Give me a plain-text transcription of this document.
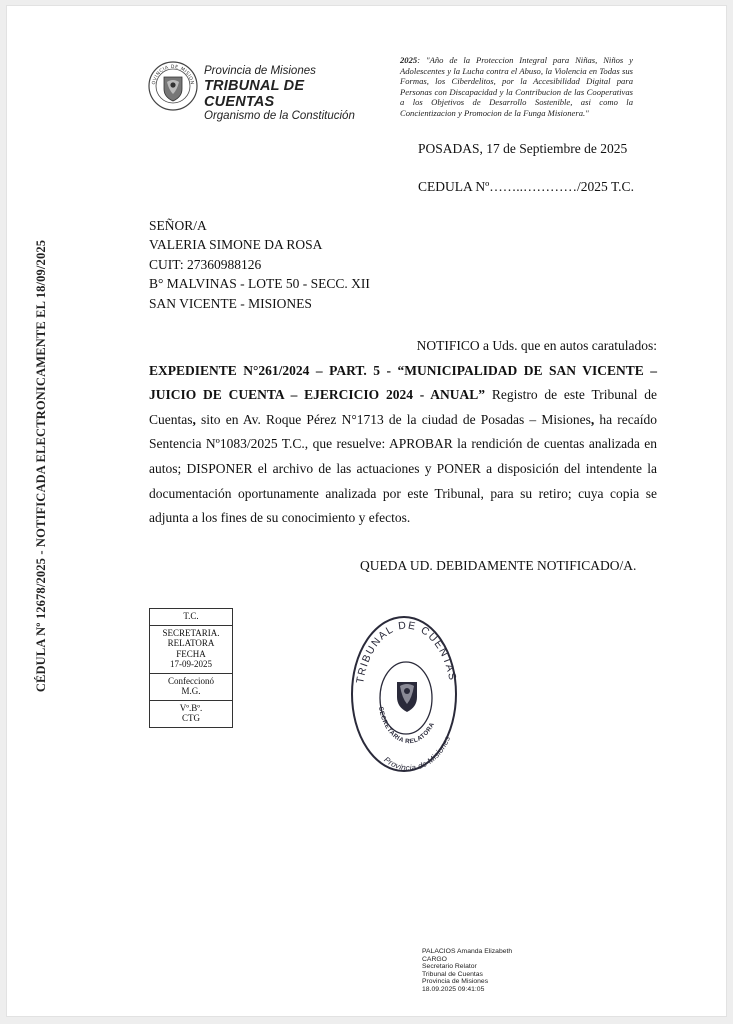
CÉDULA Nº 12678/2025 - NOTIFICADA ELECTRONICAMENTE EL 18/09/2025
OVINCIA DE MISION
Provincia de Misiones
TRIBUNAL DE CUENTAS
Organismo de la Constitución
2025: "Año de la Proteccion Integral para Niñas, Niños y Adolescentes y la Lucha contra el Abuso, la Violencia en Todas sus Formas, los Ciberdelitos, por la Accesibilidad Digital para Personas con Discapacidad y la Contribucion de las Cooperativas a los Objetivos de Desarrollo Sostenible, asi como la Concientizacion y Promocion de la Funga Misionera."
POSADAS, 17 de Septiembre de 2025
CEDULA Nº……..…………/2025 T.C.
SEÑOR/A
VALERIA SIMONE DA ROSA
CUIT: 27360988126
B° MALVINAS - LOTE 50 - SECC. XII
SAN VICENTE - MISIONES
NOTIFICO a Uds. que en autos caratulados:
EXPEDIENTE N°261/2024 – PART. 5 - “MUNICIPALIDAD DE SAN VICENTE – JUICIO DE CUENTA – EJERCICIO 2024 - ANUAL” Registro de este Tribunal de Cuentas, sito en Av. Roque Pérez N°1713 de la ciudad de Posadas – Misiones, ha recaído Sentencia Nº1083/2025 T.C., que resuelve: APROBAR la rendición de cuentas analizada en autos; DISPONER el archivo de las actuaciones y PONER a disposición del intendente la documentación oportunamente analizada por este Tribunal, para su retiro; cuya copia se adjunta a los fines de su conocimiento y efectos.
QUEDA UD. DEBIDAMENTE NOTIFICADO/A.
T.C.
SECRETARIA.
RELATORA
FECHA
17-09-2025
Confeccionó
M.G.
Vº.Bº.
CTG
TRIBUNAL DE CUENTAS
SECRETARIA RELATORA
Provincia de Misiones
PALACIOS Amanda Elizabeth
CARGO
Secretario Relator
Tribunal de Cuentas
Provincia de Misiones
18.09.2025 09:41:05
